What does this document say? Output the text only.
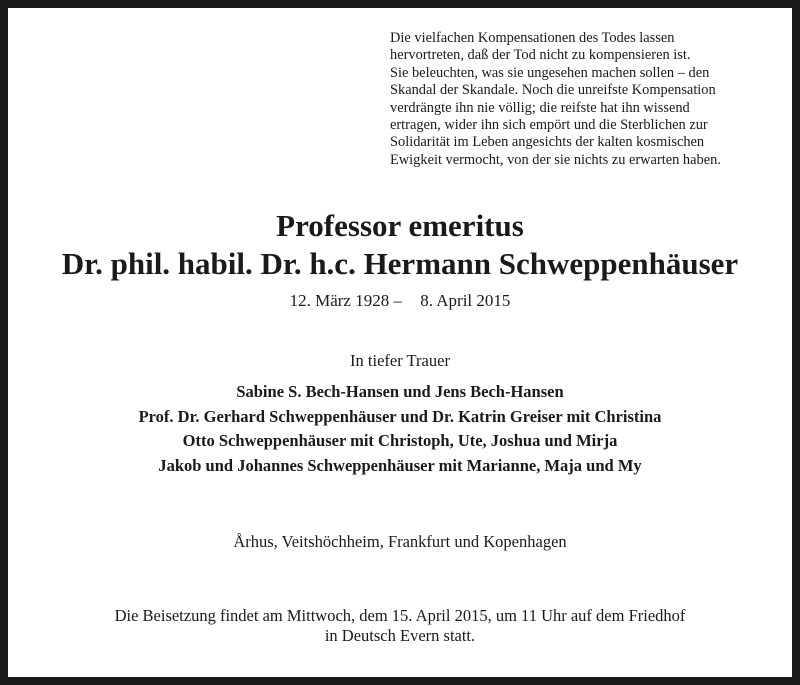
Die vielfachen Kompensationen des Todes lassen
hervortreten, daß der Tod nicht zu kompensieren ist.
Sie beleuchten, was sie ungesehen machen sollen – den
Skandal der Skandale. Noch die unreifste Kompensation
verdrängte ihn nie völlig; die reifste hat ihn wissend
ertragen, wider ihn sich empört und die Sterblichen zur
Solidarität im Leben angesichts der kalten kosmischen
Ewigkeit vermocht, von der sie nichts zu erwarten haben.
Professor emeritus
Dr. phil. habil. Dr. h.c. Hermann Schweppenhäuser
12. März 1928 – 8. April 2015
In tiefer Trauer
Sabine S. Bech-Hansen und Jens Bech-Hansen
Prof. Dr. Gerhard Schweppenhäuser und Dr. Katrin Greiser mit Christina
Otto Schweppenhäuser mit Christoph, Ute, Joshua und Mirja
Jakob und Johannes Schweppenhäuser mit Marianne, Maja und My
Århus, Veitshöchheim, Frankfurt und Kopenhagen
Die Beisetzung findet am Mittwoch, dem 15. April 2015, um 11 Uhr auf dem Friedhof
in Deutsch Evern statt.
